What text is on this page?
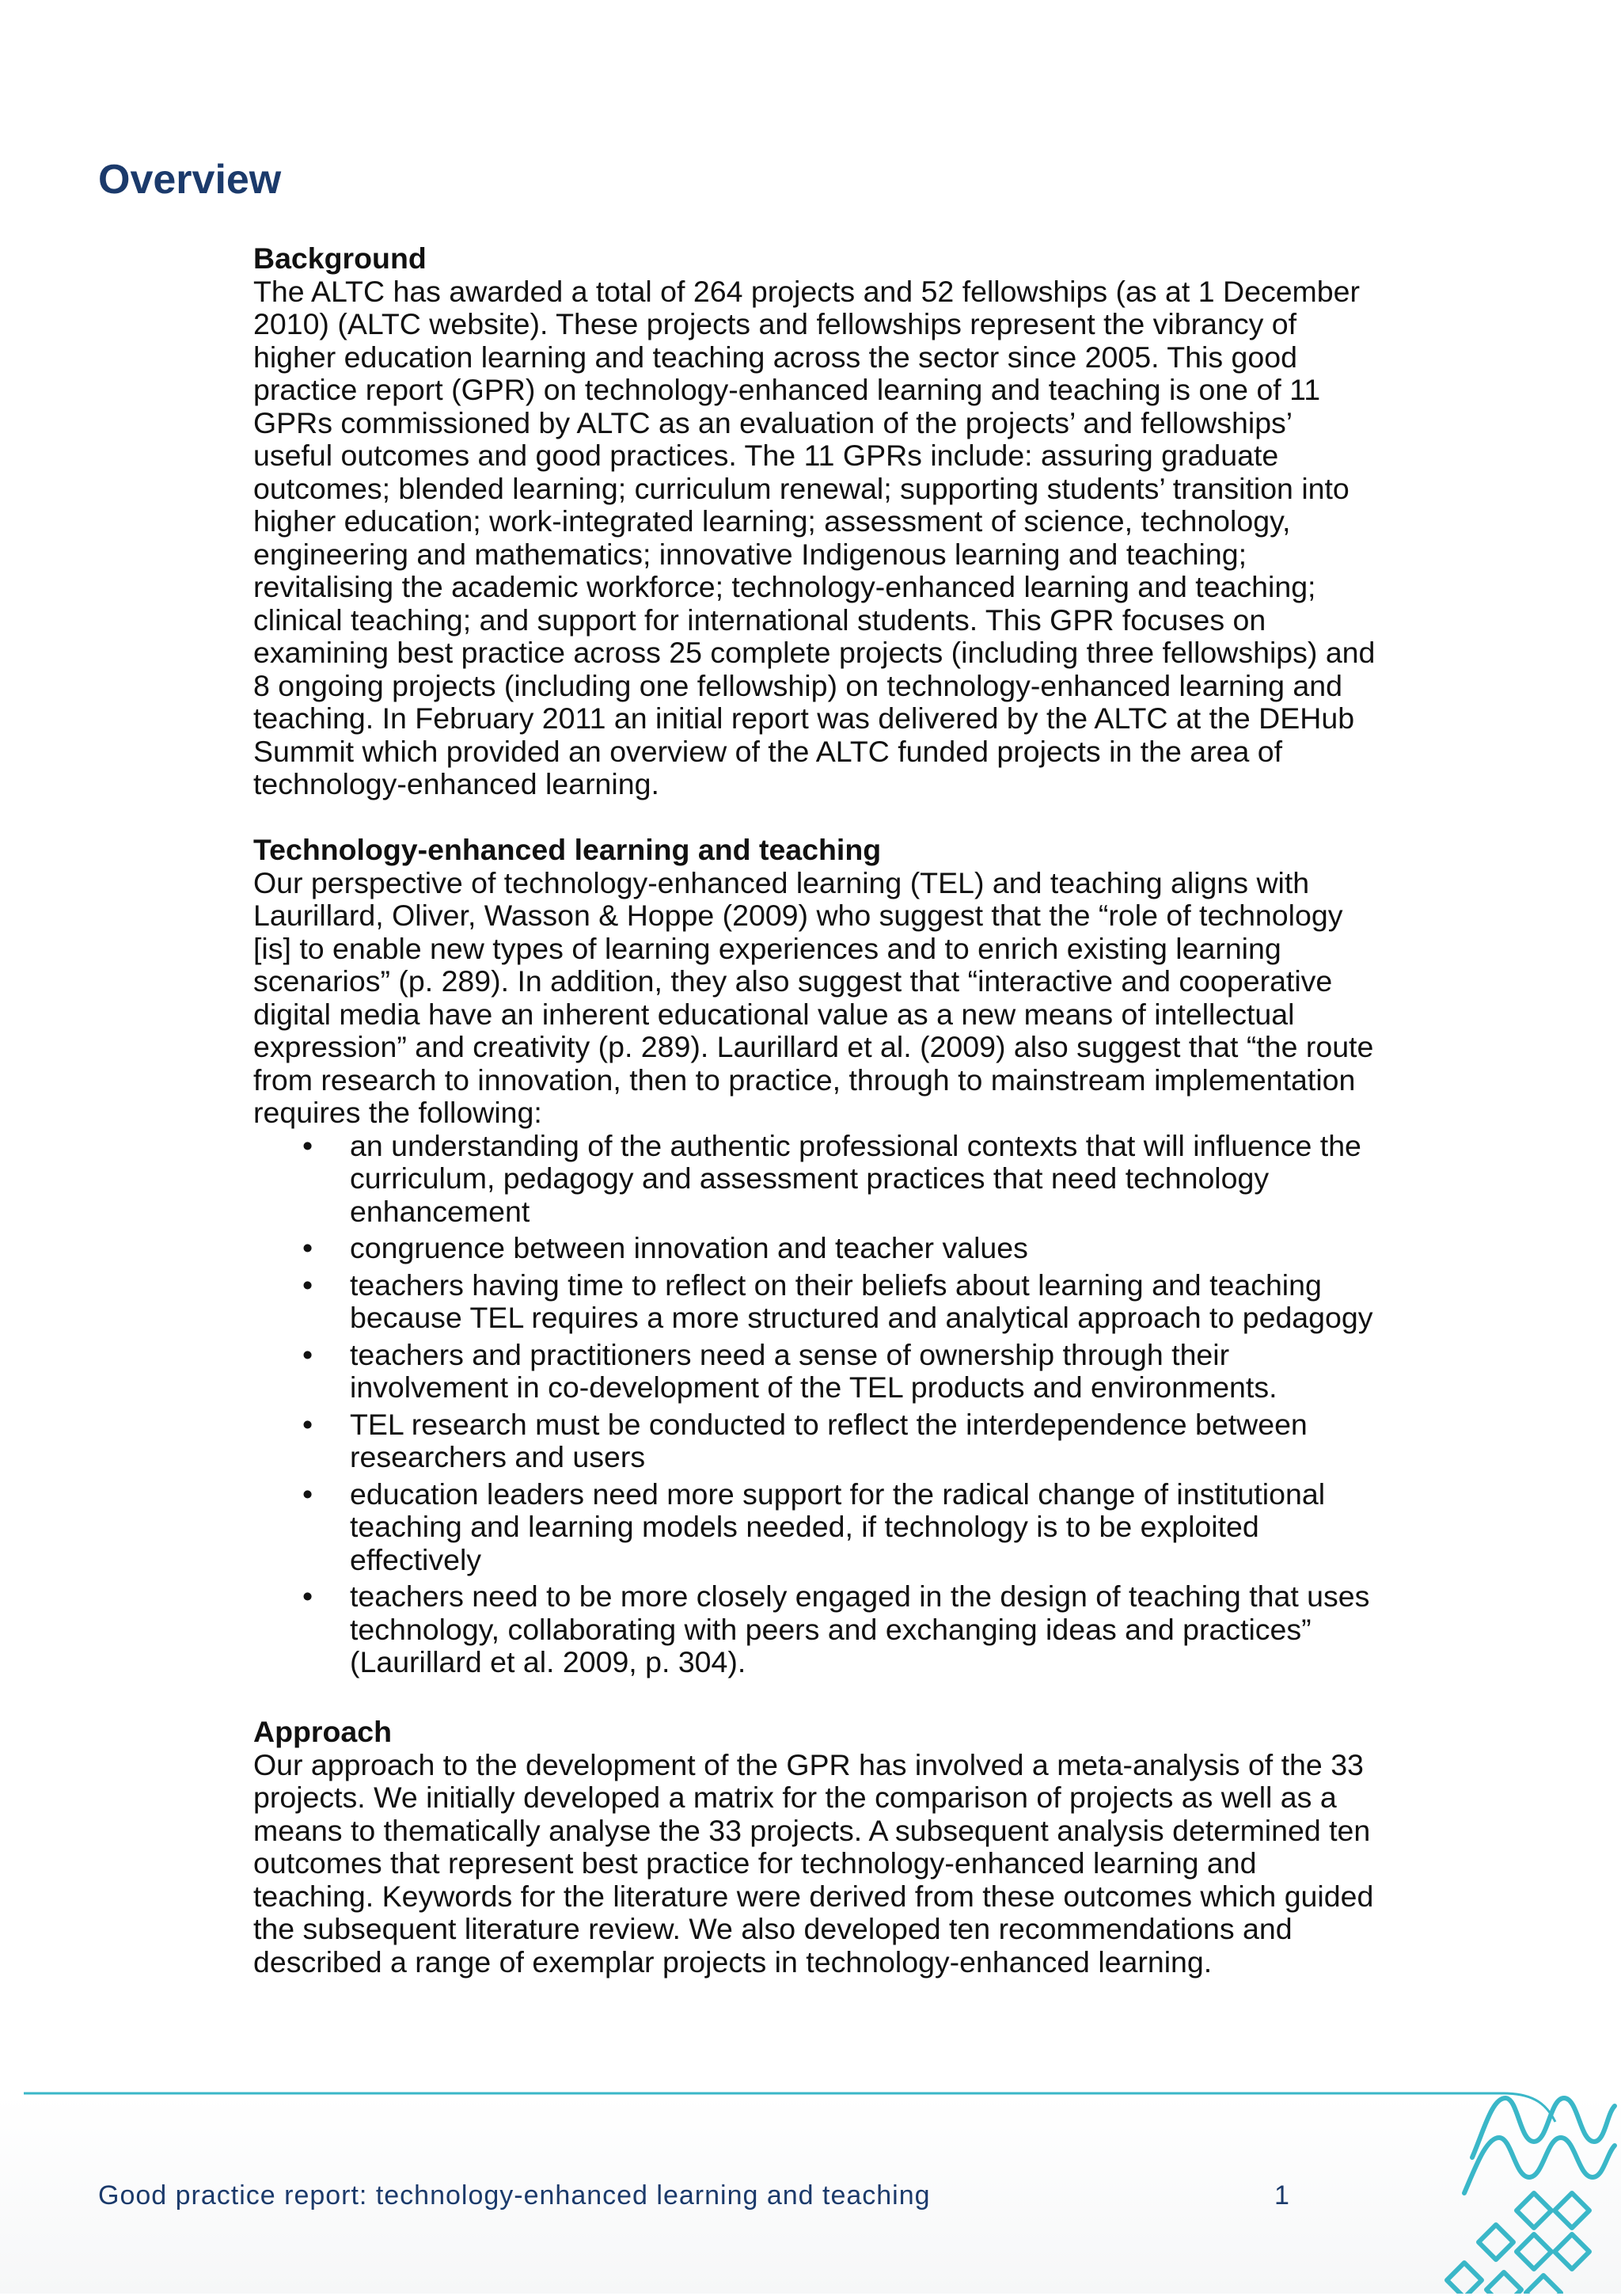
Overview
Background

The ALTC has awarded a total of 264 projects and 52 fellowships (as at 1 December 2010) (ALTC website). These projects and fellowships represent the vibrancy of higher education learning and teaching across the sector since 2005. This good practice report (GPR) on technology-enhanced learning and teaching is one of 11 GPRs commissioned by ALTC as an evaluation of the projects’ and fellowships’ useful outcomes and good practices. The 11 GPRs include: assuring graduate outcomes; blended learning; curriculum renewal; supporting students’ transition into higher education; work-integrated learning; assessment of science, technology, engineering and mathematics; innovative Indigenous learning and teaching; revitalising the academic workforce; technology-enhanced learning and teaching; clinical teaching; and support for international students. This GPR focuses on examining best practice across 25 complete projects (including three fellowships) and 8 ongoing projects (including one fellowship) on technology-enhanced learning and teaching. In February 2011 an initial report was delivered by the ALTC at the DEHub Summit which provided an overview of the ALTC funded projects in the area of technology-enhanced learning.

Technology-enhanced learning and teaching

Our perspective of technology-enhanced learning (TEL) and teaching aligns with Laurillard, Oliver, Wasson & Hoppe (2009) who suggest that the “role of technology [is] to enable new types of learning experiences and to enrich existing learning scenarios” (p. 289). In addition, they also suggest that “interactive and cooperative digital media have an inherent educational value as a new means of intellectual expression” and creativity (p. 289). Laurillard et al. (2009) also suggest that “the route from research to innovation, then to practice, through to mainstream implementation requires the following:

• an understanding of the authentic professional contexts that will influence the curriculum, pedagogy and assessment practices that need technology enhancement
• congruence between innovation and teacher values
• teachers having time to reflect on their beliefs about learning and teaching because TEL requires a more structured and analytical approach to pedagogy
• teachers and practitioners need a sense of ownership through their involvement in co-development of the TEL products and environments.
• TEL research must be conducted to reflect the interdependence between researchers and users
• education leaders need more support for the radical change of institutional teaching and learning models needed, if technology is to be exploited effectively
• teachers need to be more closely engaged in the design of teaching that uses technology, collaborating with peers and exchanging ideas and practices” (Laurillard et al. 2009, p. 304).
Approach

Our approach to the development of the GPR has involved a meta-analysis of the 33 projects. We initially developed a matrix for the comparison of projects as well as a means to thematically analyse the 33 projects. A subsequent analysis determined ten outcomes that represent best practice for technology-enhanced learning and teaching. Keywords for the literature were derived from these outcomes which guided the subsequent literature review. We also developed ten recommendations and described a range of exemplar projects in technology-enhanced learning.

Good practice report: technology-enhanced learning and teaching	1
